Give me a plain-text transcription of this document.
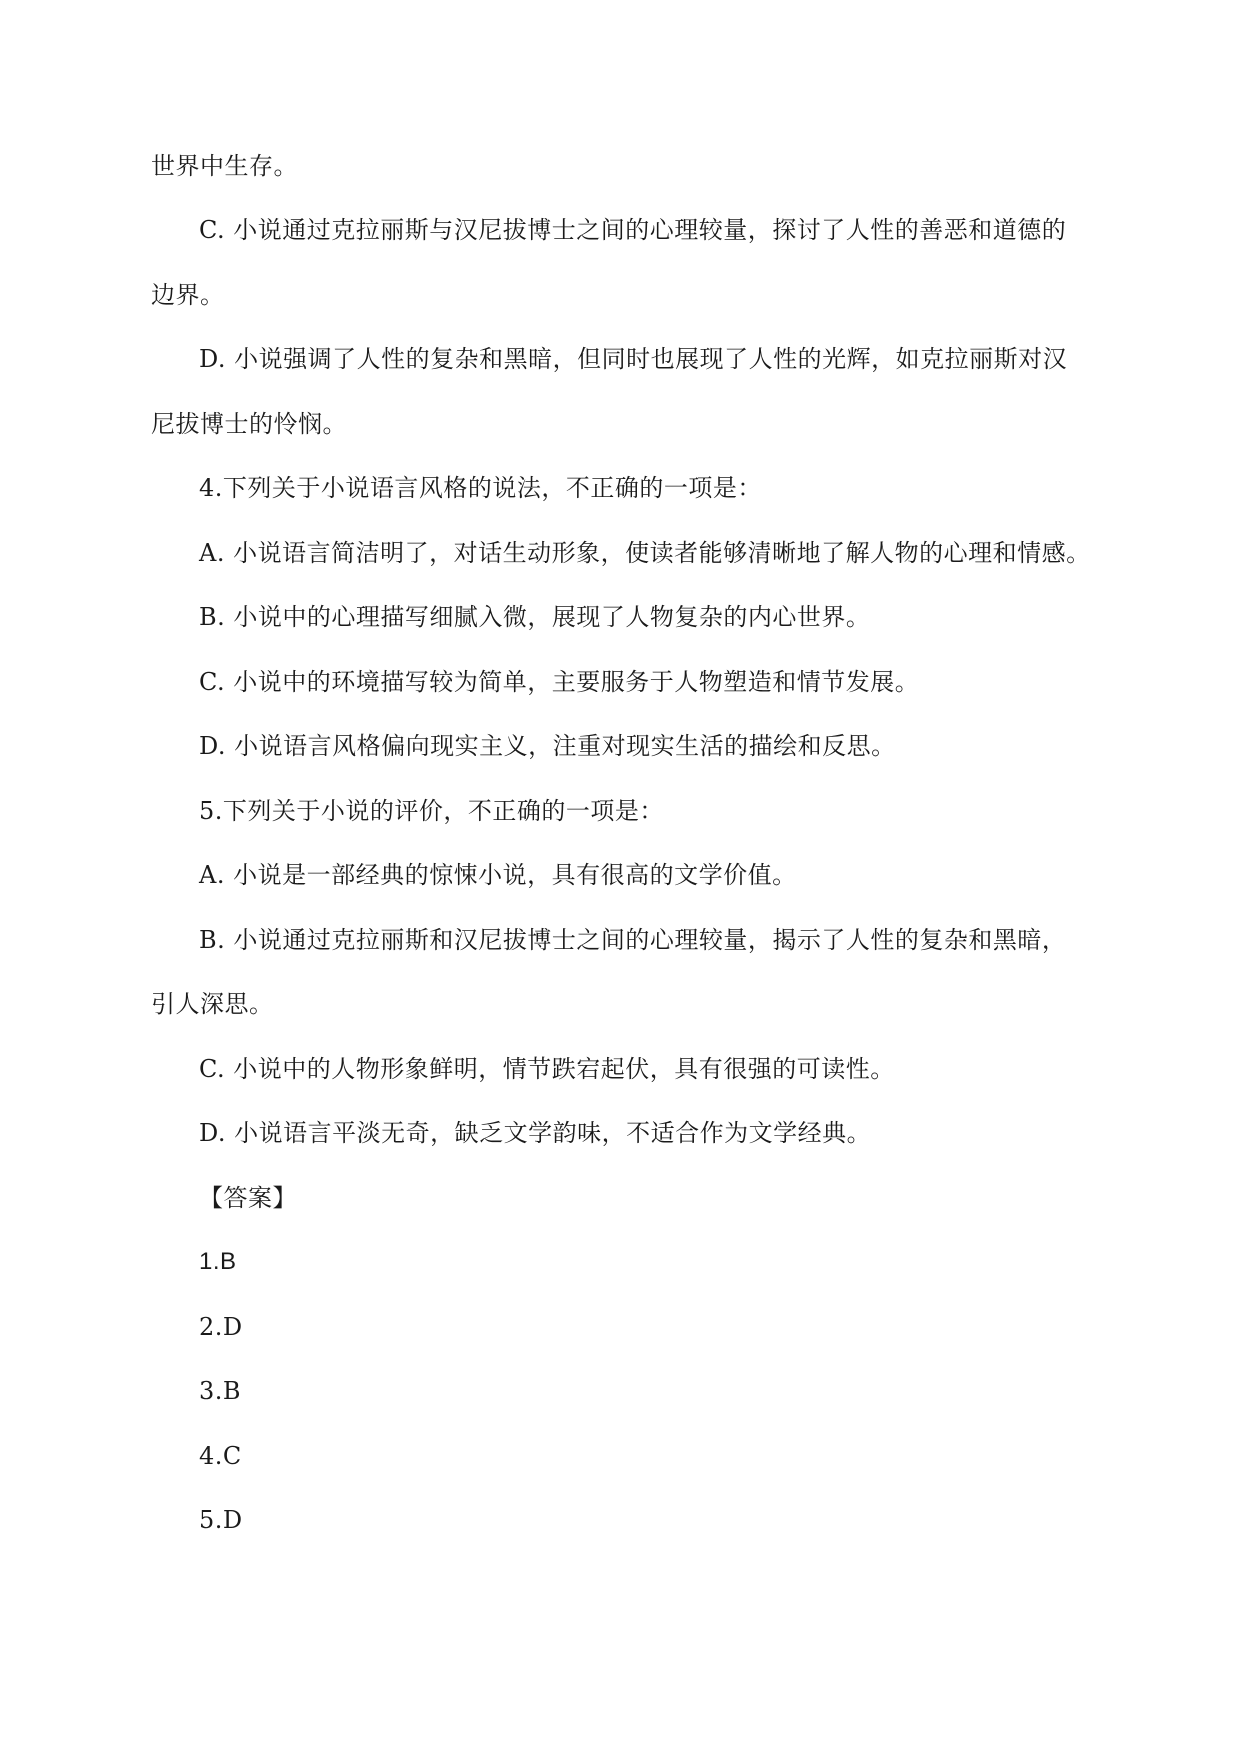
世界中生存。

C. 小说通过克拉丽斯与汉尼拔博士之间的心理较量，探讨了人性的善恶和道德的

边界。

D. 小说强调了人性的复杂和黑暗，但同时也展现了人性的光辉，如克拉丽斯对汉

尼拔博士的怜悯。

4.下列关于小说语言风格的说法，不正确的一项是：

A. 小说语言简洁明了，对话生动形象，使读者能够清晰地了解人物的心理和情感。

B. 小说中的心理描写细腻入微，展现了人物复杂的内心世界。

C. 小说中的环境描写较为简单，主要服务于人物塑造和情节发展。

D. 小说语言风格偏向现实主义，注重对现实生活的描绘和反思。

5.下列关于小说的评价，不正确的一项是：

A. 小说是一部经典的惊悚小说，具有很高的文学价值。

B. 小说通过克拉丽斯和汉尼拔博士之间的心理较量，揭示了人性的复杂和黑暗，

引人深思。

C. 小说中的人物形象鲜明，情节跌宕起伏，具有很强的可读性。

D. 小说语言平淡无奇，缺乏文学韵味，不适合作为文学经典。

【答案】

1.B

2.D

3.B

4.C

5.D
